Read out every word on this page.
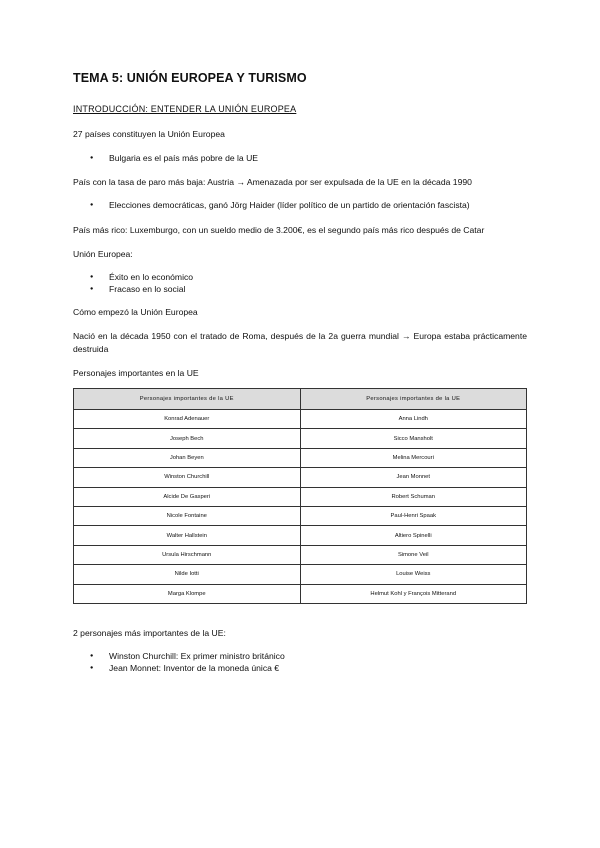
TEMA 5: UNIÓN EUROPEA Y TURISMO
INTRODUCCIÓN: ENTENDER LA UNIÓN EUROPEA
27 países constituyen la Unión Europea
● Bulgaria es el país más pobre de la UE
País con la tasa de paro más baja: Austria → Amenazada por ser expulsada de la UE en la década 1990
● Elecciones democráticas, ganó Jörg Haider (líder político de un partido de orientación fascista)
País más rico: Luxemburgo, con un sueldo medio de 3.200€, es el segundo país más rico después de Catar
Unión Europea:
● Éxito en lo económico
● Fracaso en lo social
Cómo empezó la Unión Europea
Nació en la década 1950 con el tratado de Roma, después de la 2a guerra mundial → Europa estaba prácticamente destruida
Personajes importantes en la UE
Personajes importantes de la UE	Personajes importantes de la UE
Konrad Adenauer	Anna Lindh
Joseph Bech	Sicco Mansholt
Johan Beyen	Melina Mercouri
Winston Churchill	Jean Monnet
Alcide De Gasperi	Robert Schuman
Nicole Fontaine	Paul-Henri Spaak
Walter Hallstein	Altiero Spinelli
Ursula Hirschmann	Simone Veil
Nilde Iotti	Louise Weiss
Marga Klompe	Helmut Kohl y François Mitterand
2 personajes más importantes de la UE:
● Winston Churchill: Ex primer ministro británico
● Jean Monnet: Inventor de la moneda única €
